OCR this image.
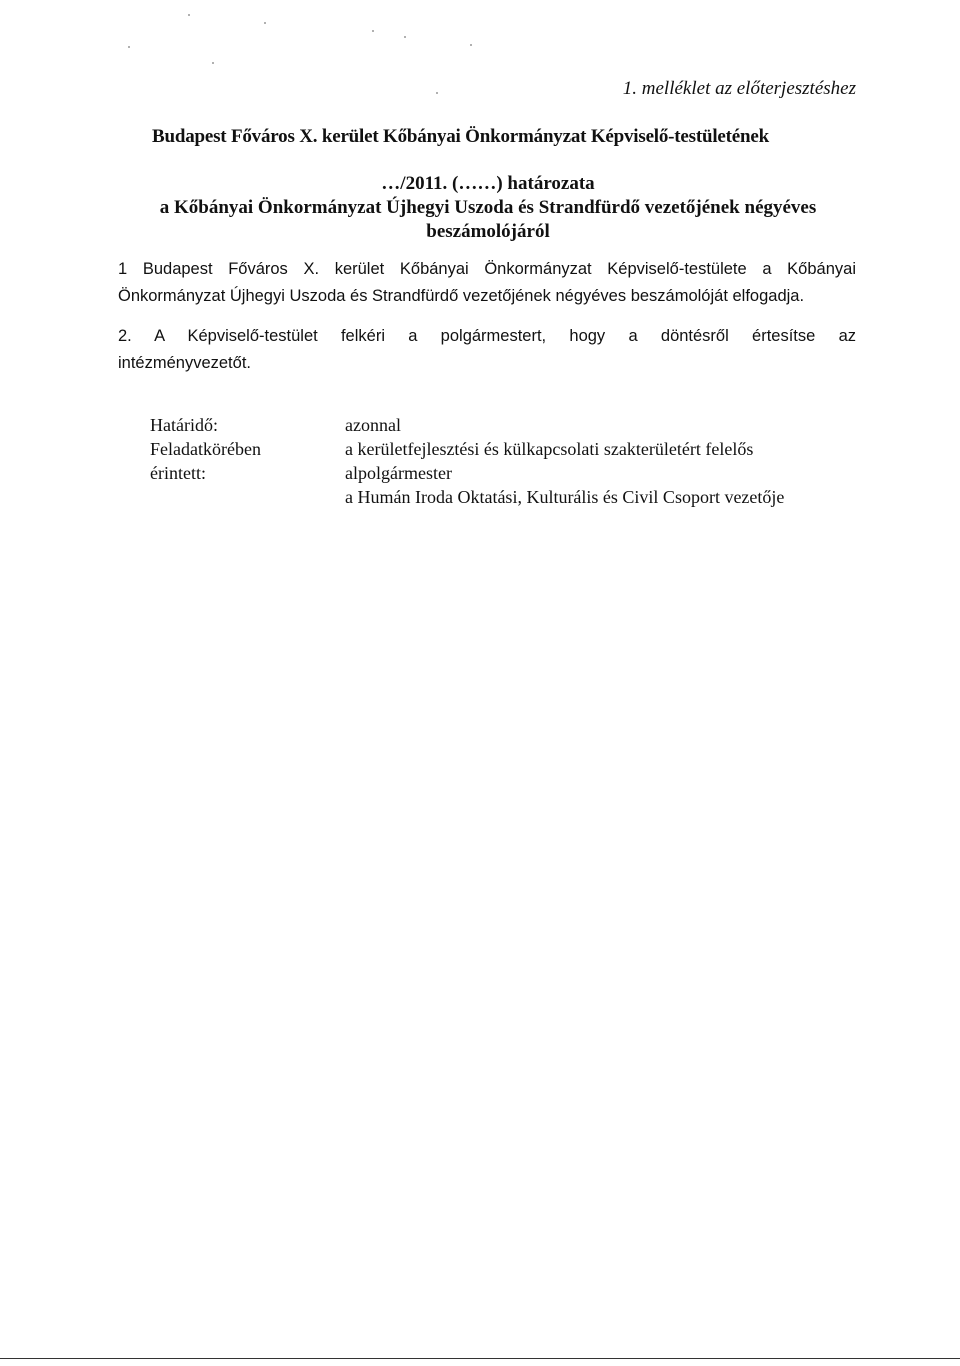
1. melléklet az előterjesztéshez
Budapest Főváros X. kerület Kőbányai Önkormányzat Képviselő-testületének
…/2011. (……) határozata
a Kőbányai Önkormányzat Újhegyi Uszoda és Strandfürdő vezetőjének négyéves
beszámolójáról
1 Budapest Főváros X. kerület Kőbányai Önkormányzat Képviselő-testülete a Kőbányai
Önkormányzat Újhegyi Uszoda és Strandfürdő vezetőjének négyéves beszámolóját elfogadja.
2. A Képviselő-testület felkéri a polgármestert, hogy a döntésről értesítse az
intézményvezetőt.
Határidő:
Feladatkörében
érintett:
azonnal
a kerületfejlesztési és külkapcsolati szakterületért felelős
alpolgármester
a Humán Iroda Oktatási, Kulturális és Civil Csoport vezetője
